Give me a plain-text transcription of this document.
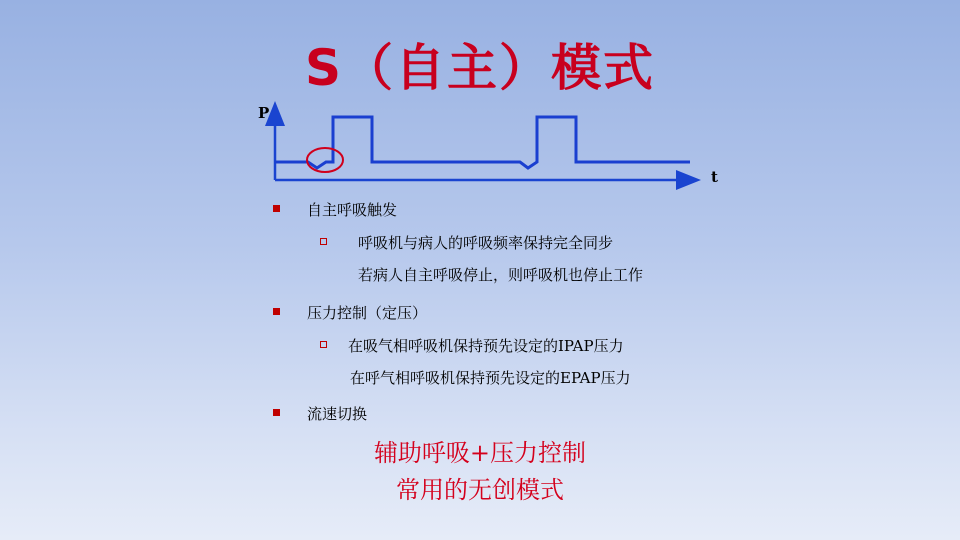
S（自主）模式
P
t
自主呼吸触发
呼吸机与病人的呼吸频率保持完全同步
若病人自主呼吸停止，则呼吸机也停止工作
压力控制（定压）
在吸气相呼吸机保持预先设定的IPAP压力
在呼气相呼吸机保持预先设定的EPAP压力
流速切换
辅助呼吸+压力控制
常用的无创模式
